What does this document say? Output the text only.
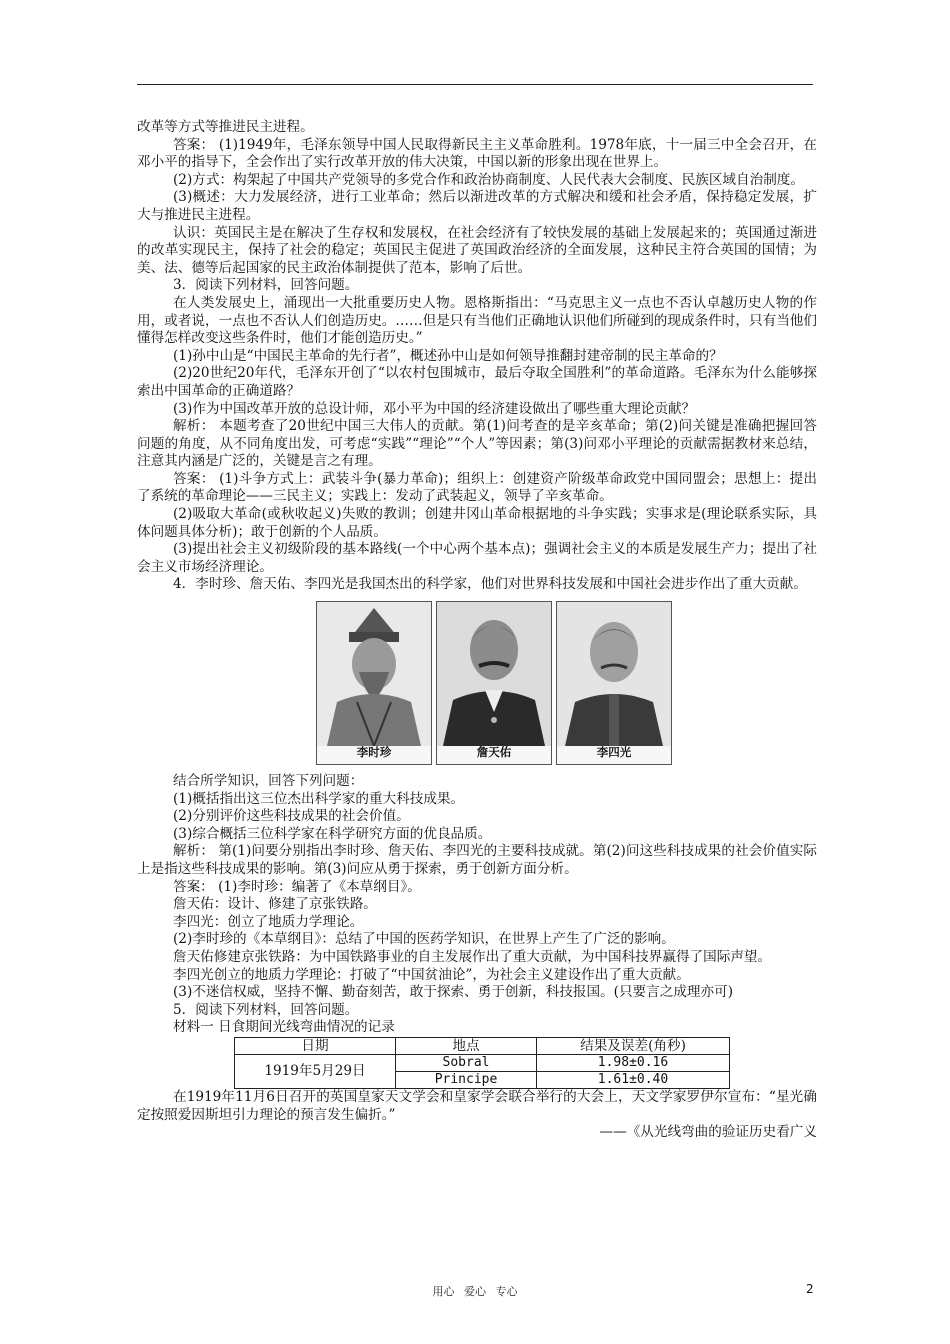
改革等方式等推进民主进程。

答案： (1)1949年，毛泽东领导中国人民取得新民主主义革命胜利。1978年底，十一届三中全会召开，在邓小平的指导下，全会作出了实行改革开放的伟大决策，中国以新的形象出现在世界上。

(2)方式：构架起了中国共产党领导的多党合作和政治协商制度、人民代表大会制度、民族区域自治制度。

(3)概述：大力发展经济，进行工业革命；然后以渐进改革的方式解决和缓和社会矛盾，保持稳定发展，扩大与推进民主进程。

认识：英国民主是在解决了生存权和发展权，在社会经济有了较快发展的基础上发展起来的；英国通过渐进的改革实现民主，保持了社会的稳定；英国民主促进了英国政治经济的全面发展，这种民主符合英国的国情；为美、法、德等后起国家的民主政治体制提供了范本，影响了后世。

3．阅读下列材料，回答问题。

在人类发展史上，涌现出一大批重要历史人物。恩格斯指出：“马克思主义一点也不否认卓越历史人物的作用，或者说，一点也不否认人们创造历史。……但是只有当他们正确地认识他们所碰到的现成条件时，只有当他们懂得怎样改变这些条件时，他们才能创造历史。”

(1)孙中山是“中国民主革命的先行者”，概述孙中山是如何领导推翻封建帝制的民主革命的？

(2)20世纪20年代，毛泽东开创了“以农村包围城市，最后夺取全国胜利”的革命道路。毛泽东为什么能够探索出中国革命的正确道路？

(3)作为中国改革开放的总设计师，邓小平为中国的经济建设做出了哪些重大理论贡献？

解析： 本题考查了20世纪中国三大伟人的贡献。第(1)问考查的是辛亥革命；第(2)问关键是准确把握回答问题的角度，从不同角度出发，可考虑“实践”“理论”“个人”等因素；第(3)问邓小平理论的贡献需据教材来总结，注意其内涵是广泛的，关键是言之有理。

答案： (1)斗争方式上：武装斗争(暴力革命)；组织上：创建资产阶级革命政党中国同盟会；思想上：提出了系统的革命理论——三民主义；实践上：发动了武装起义，领导了辛亥革命。

(2)吸取大革命(或秋收起义)失败的教训；创建井冈山革命根据地的斗争实践；实事求是(理论联系实际，具体问题具体分析)；敢于创新的个人品质。

(3)提出社会主义初级阶段的基本路线(一个中心两个基本点)；强调社会主义的本质是发展生产力；提出了社会主义市场经济理论。

4．李时珍、詹天佑、李四光是我国杰出的科学家，他们对世界科技发展和中国社会进步作出了重大贡献。

李时珍	詹天佑	李四光

结合所学知识，回答下列问题：

(1)概括指出这三位杰出科学家的重大科技成果。

(2)分别评价这些科技成果的社会价值。

(3)综合概括三位科学家在科学研究方面的优良品质。

解析： 第(1)问要分别指出李时珍、詹天佑、李四光的主要科技成就。第(2)问这些科技成果的社会价值实际上是指这些科技成果的影响。第(3)问应从勇于探索，勇于创新方面分析。

答案： (1)李时珍：编著了《本草纲目》。

詹天佑：设计、修建了京张铁路。

李四光：创立了地质力学理论。

(2)李时珍的《本草纲目》：总结了中国的医药学知识，在世界上产生了广泛的影响。

詹天佑修建京张铁路：为中国铁路事业的自主发展作出了重大贡献，为中国科技界赢得了国际声望。

李四光创立的地质力学理论：打破了“中国贫油论”，为社会主义建设作出了重大贡献。

(3)不迷信权威，坚持不懈、勤奋刻苦，敢于探索、勇于创新，科技报国。(只要言之成理亦可)

5．阅读下列材料，回答问题。

材料一 日食期间光线弯曲情况的记录

日期	地点	结果及误差(角秒)
1919年5月29日	Sobral	1.98±0.16
	Principe	1.61±0.40

在1919年11月6日召开的英国皇家天文学会和皇家学会联合举行的大会上，天文学家罗伊尔宣布：“星光确定按照爱因斯坦引力理论的预言发生偏折。”

——《从光线弯曲的验证历史看广义

用心 爱心 专心	2
